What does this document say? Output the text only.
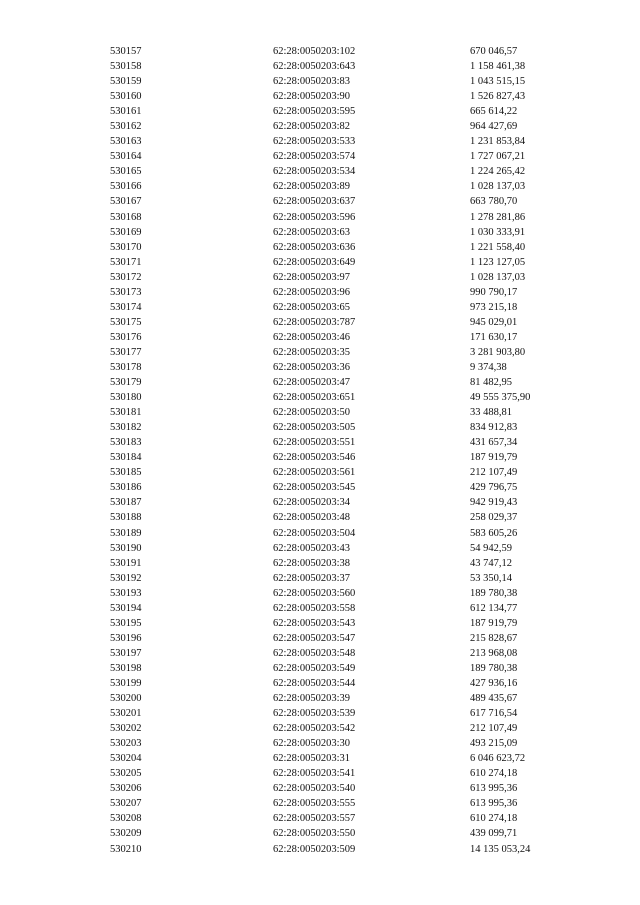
530157	62:28:0050203:102	670 046,57
530158	62:28:0050203:643	1 158 461,38
530159	62:28:0050203:83	1 043 515,15
530160	62:28:0050203:90	1 526 827,43
530161	62:28:0050203:595	665 614,22
530162	62:28:0050203:82	964 427,69
530163	62:28:0050203:533	1 231 853,84
530164	62:28:0050203:574	1 727 067,21
530165	62:28:0050203:534	1 224 265,42
530166	62:28:0050203:89	1 028 137,03
530167	62:28:0050203:637	663 780,70
530168	62:28:0050203:596	1 278 281,86
530169	62:28:0050203:63	1 030 333,91
530170	62:28:0050203:636	1 221 558,40
530171	62:28:0050203:649	1 123 127,05
530172	62:28:0050203:97	1 028 137,03
530173	62:28:0050203:96	990 790,17
530174	62:28:0050203:65	973 215,18
530175	62:28:0050203:787	945 029,01
530176	62:28:0050203:46	171 630,17
530177	62:28:0050203:35	3 281 903,80
530178	62:28:0050203:36	9 374,38
530179	62:28:0050203:47	81 482,95
530180	62:28:0050203:651	49 555 375,90
530181	62:28:0050203:50	33 488,81
530182	62:28:0050203:505	834 912,83
530183	62:28:0050203:551	431 657,34
530184	62:28:0050203:546	187 919,79
530185	62:28:0050203:561	212 107,49
530186	62:28:0050203:545	429 796,75
530187	62:28:0050203:34	942 919,43
530188	62:28:0050203:48	258 029,37
530189	62:28:0050203:504	583 605,26
530190	62:28:0050203:43	54 942,59
530191	62:28:0050203:38	43 747,12
530192	62:28:0050203:37	53 350,14
530193	62:28:0050203:560	189 780,38
530194	62:28:0050203:558	612 134,77
530195	62:28:0050203:543	187 919,79
530196	62:28:0050203:547	215 828,67
530197	62:28:0050203:548	213 968,08
530198	62:28:0050203:549	189 780,38
530199	62:28:0050203:544	427 936,16
530200	62:28:0050203:39	489 435,67
530201	62:28:0050203:539	617 716,54
530202	62:28:0050203:542	212 107,49
530203	62:28:0050203:30	493 215,09
530204	62:28:0050203:31	6 046 623,72
530205	62:28:0050203:541	610 274,18
530206	62:28:0050203:540	613 995,36
530207	62:28:0050203:555	613 995,36
530208	62:28:0050203:557	610 274,18
530209	62:28:0050203:550	439 099,71
530210	62:28:0050203:509	14 135 053,24
